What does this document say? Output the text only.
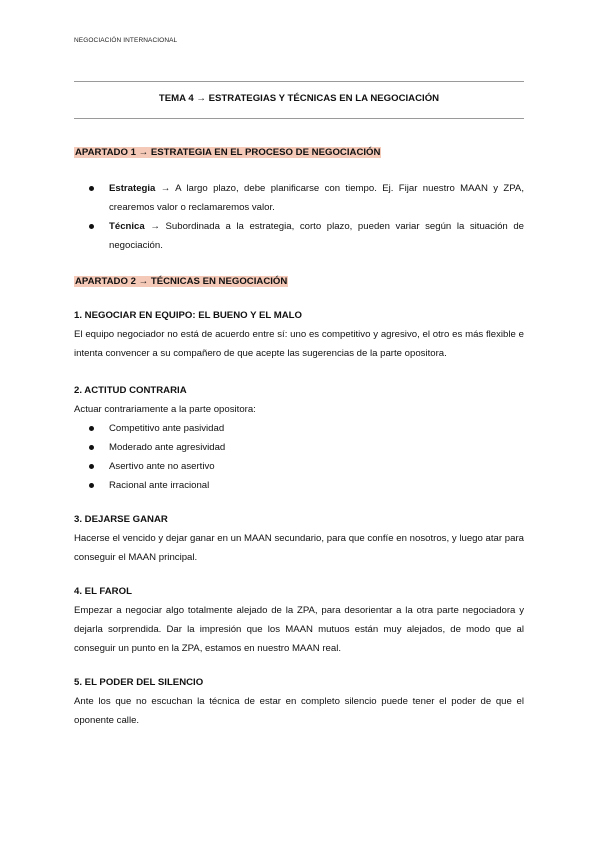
NEGOCIACIÓN INTERNACIONAL
TEMA 4 → ESTRATEGIAS Y TÉCNICAS EN LA NEGOCIACIÓN
APARTADO 1 → ESTRATEGIA EN EL PROCESO DE NEGOCIACIÓN
Estrategia → A largo plazo, debe planificarse con tiempo. Ej. Fijar nuestro MAAN y ZPA, crearemos valor o reclamaremos valor.
Técnica → Subordinada a la estrategia, corto plazo, pueden variar según la situación de negociación.
APARTADO 2 → TÉCNICAS EN NEGOCIACIÓN
1. NEGOCIAR EN EQUIPO: EL BUENO Y EL MALO
El equipo negociador no está de acuerdo entre sí: uno es competitivo y agresivo, el otro es más flexible e intenta convencer a su compañero de que acepte las sugerencias de la parte opositora.
2. ACTITUD CONTRARIA
Actuar contrariamente a la parte opositora:
Competitivo ante pasividad
Moderado ante agresividad
Asertivo ante no asertivo
Racional ante irracional
3. DEJARSE GANAR
Hacerse el vencido y dejar ganar en un MAAN secundario, para que confíe en nosotros, y luego atar para conseguir el MAAN principal.
4. EL FAROL
Empezar a negociar algo totalmente alejado de la ZPA, para desorientar a la otra parte negociadora y dejarla sorprendida. Dar la impresión que los MAAN mutuos están muy alejados, de modo que al conseguir un punto en la ZPA, estamos en nuestro MAAN real.
5. EL PODER DEL SILENCIO
Ante los que no escuchan la técnica de estar en completo silencio puede tener el poder de que el oponente calle.
